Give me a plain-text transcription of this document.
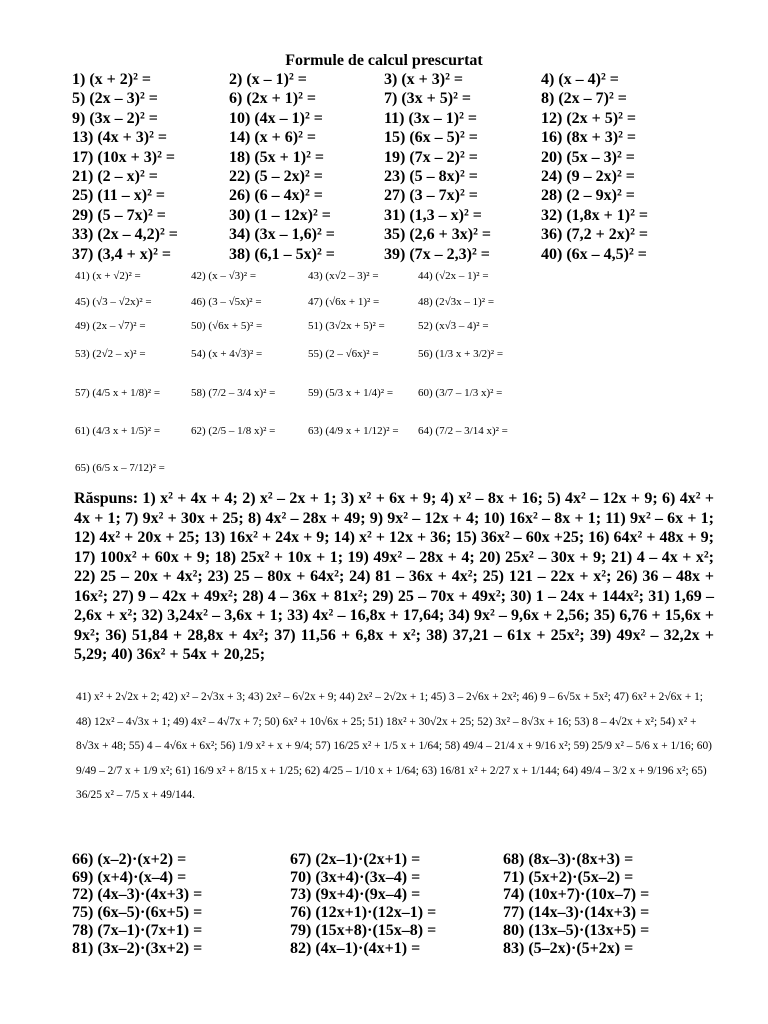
Formule de calcul prescurtat
1) (x + 2)² =	2) (x – 1)² =	3) (x + 3)² =	4) (x – 4)² =
5) (2x – 3)² =	6) (2x + 1)² =	7) (3x + 5)² =	8) (2x – 7)² =
9) (3x – 2)² =	10) (4x – 1)² =	11) (3x – 1)² =	12) (2x + 5)² =
13) (4x + 3)² =	14) (x + 6)² =	15) (6x – 5)² =	16) (8x + 3)² =
17) (10x + 3)² =	18) (5x + 1)² =	19) (7x – 2)² =	20) (5x – 3)² =
21) (2 – x)² =	22) (5 – 2x)² =	23) (5 – 8x)² =	24) (9 – 2x)² =
25) (11 – x)² =	26) (6 – 4x)² =	27) (3 – 7x)² =	28) (2 – 9x)² =
29) (5 – 7x)² =	30) (1 – 12x)² =	31) (1,3 – x)² =	32) (1,8x + 1)² =
33) (2x – 4,2)² =	34) (3x – 1,6)² =	35) (2,6 + 3x)² =	36) (7,2 + 2x)² =
37) (3,4 + x)² =	38) (6,1 – 5x)² =	39) (7x – 2,3)² =	40) (6x – 4,5)² =
41) (x + √2)² =	42) (x – √3)² =	43) (x√2 – 3)² =	44) (√2x – 1)² =
45) (√3 – √2x)² =	46) (3 – √5x)² =	47) (√6x + 1)² =	48) (2√3x – 1)² =
49) (2x – √7)² =	50) (√6x + 5)² =	51) (3√2x + 5)² =	52) (x√3 – 4)² =
53) (2√2 – x)² =	54) (x + 4√3)² =	55) (2 – √6x)² =	56) (1/3 x + 3/2)² =
57) (4/5 x + 1/8)² =	58) (7/2 – 3/4 x)² =	59) (5/3 x + 1/4)² = 60) (3/7 – 1/3 x)² =
61) (4/3 x + 1/5)² =	62) (2/5 – 1/8 x)² =	63) (4/9 x + 1/12)² = 64) (7/2 – 3/14 x)² =
65) (6/5 x – 7/12)² =
Răspuns: 1) x² + 4x + 4; 2) x² – 2x + 1; 3) x² + 6x + 9; 4) x² – 8x + 16; 5) 4x² – 12x + 9; 6) 4x² + 4x + 1; 7) 9x² + 30x + 25; 8) 4x² – 28x + 49; 9) 9x² – 12x + 4; 10) 16x² – 8x + 1; 11) 9x² – 6x + 1; 12) 4x² + 20x + 25; 13) 16x² + 24x + 9; 14) x² + 12x + 36; 15) 36x² – 60x +25; 16) 64x² + 48x + 9; 17) 100x² + 60x + 9; 18) 25x² + 10x + 1; 19) 49x² – 28x + 4; 20) 25x² – 30x + 9; 21) 4 – 4x + x²; 22) 25 – 20x + 4x²; 23) 25 – 80x + 64x²; 24) 81 – 36x + 4x²; 25) 121 – 22x + x²; 26) 36 – 48x + 16x²; 27) 9 – 42x + 49x²; 28) 4 – 36x + 81x²; 29) 25 – 70x + 49x²; 30) 1 – 24x + 144x²; 31) 1,69 – 2,6x + x²; 32) 3,24x² – 3,6x + 1; 33) 4x² – 16,8x + 17,64; 34) 9x² – 9,6x + 2,56; 35) 6,76 + 15,6x + 9x²; 36) 51,84 + 28,8x + 4x²; 37) 11,56 + 6,8x + x²; 38) 37,21 – 61x + 25x²; 39) 49x² – 32,2x + 5,29; 40) 36x² + 54x + 20,25;
41) x² + 2√2x + 2; 42) x² – 2√3x + 3; 43) 2x² – 6√2x + 9; 44) 2x² – 2√2x + 1; 45) 3 – 2√6x + 2x²; 46) 9 – 6√5x + 5x²; 47) 6x² + 2√6x + 1; 48) 12x² – 4√3x + 1; 49) 4x² – 4√7x + 7; 50) 6x² + 10√6x + 25; 51) 18x² + 30√2x + 25; 52) 3x² – 8√3x + 16; 53) 8 – 4√2x + x²; 54) x² + 8√3x + 48; 55) 4 – 4√6x + 6x²; 56) 1/9 x² + x + 9/4; 57) 16/25 x² + 1/5 x + 1/64; 58) 49/4 – 21/4 x + 9/16 x²; 59) 25/9 x² – 5/6 x + 1/16; 60) 9/49 – 2/7 x + 1/9 x²; 61) 16/9 x² + 8/15 x + 1/25; 62) 4/25 – 1/10 x + 1/64; 63) 16/81 x² + 2/27 x + 1/144; 64) 49/4 – 3/2 x + 9/196 x²; 65) 36/25 x² – 7/5 x + 49/144.
66) (x–2)·(x+2) =	67) (2x–1)·(2x+1) =	68) (8x–3)·(8x+3) =
69) (x+4)·(x–4) =	70) (3x+4)·(3x–4) =	71) (5x+2)·(5x–2) =
72) (4x–3)·(4x+3) =	73) (9x+4)·(9x–4) =	74) (10x+7)·(10x–7) =
75) (6x–5)·(6x+5) =	76) (12x+1)·(12x–1) =	77) (14x–3)·(14x+3) =
78) (7x–1)·(7x+1) =	79) (15x+8)·(15x–8) =	80) (13x–5)·(13x+5) =
81) (3x–2)·(3x+2) =	82) (4x–1)·(4x+1) =	83) (5–2x)·(5+2x) =
